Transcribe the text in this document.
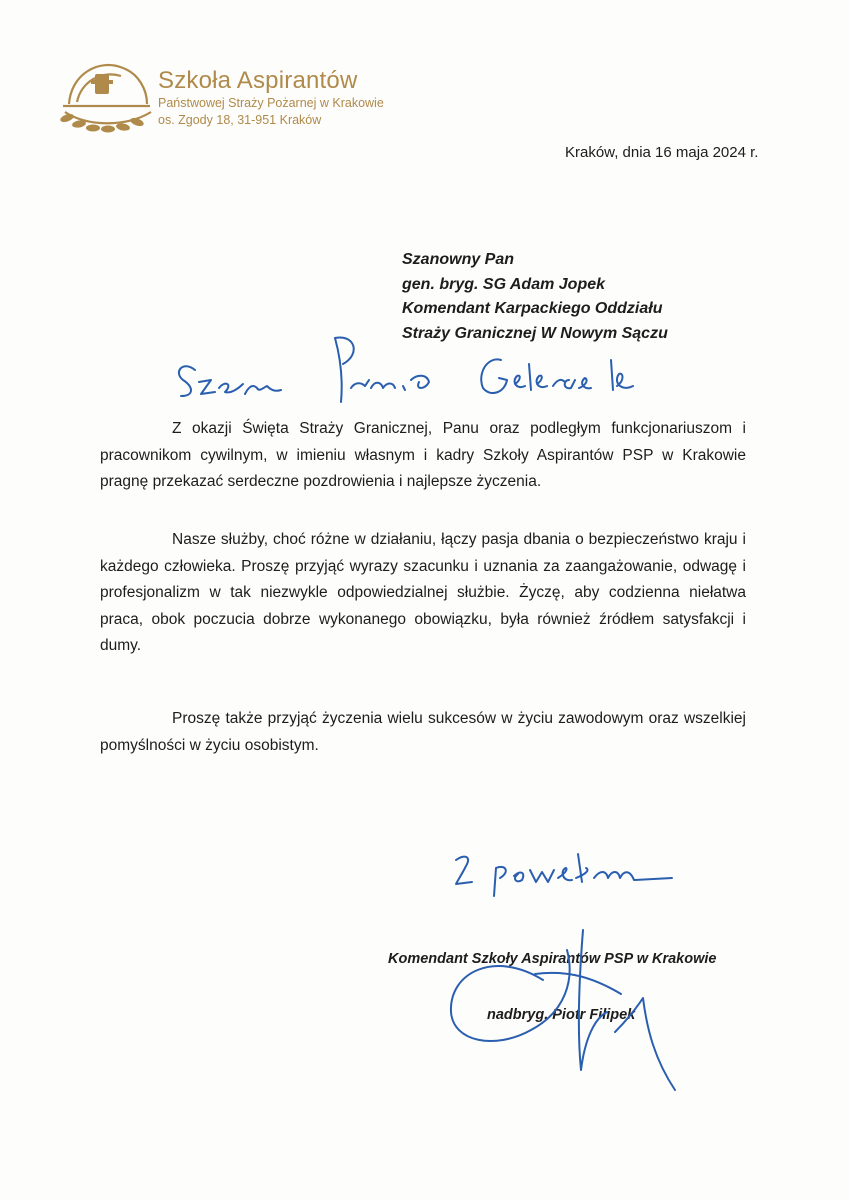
Szkoła Aspirantów
Państwowej Straży Pożarnej w Krakowie
os. Zgody 18, 31-951 Kraków
Kraków, dnia 16 maja 2024 r.
Szanowny Pan
gen. bryg. SG Adam Jopek
Komendant Karpackiego Oddziału
Straży Granicznej W Nowym Sączu

Z okazji Święta Straży Granicznej, Panu oraz podległym funkcjonariuszom i pracownikom cywilnym, w imieniu własnym i kadry Szkoły Aspirantów PSP w Krakowie pragnę przekazać serdeczne pozdrowienia i najlepsze życzenia.

Nasze służby, choć różne w działaniu, łączy pasja dbania o bezpieczeństwo kraju i każdego człowieka. Proszę przyjąć wyrazy szacunku i uznania za zaangażowanie, odwagę i profesjonalizm w tak niezwykle odpowiedzialnej służbie. Życzę, aby codzienna niełatwa praca, obok poczucia dobrze wykonanego obowiązku, była również źródłem satysfakcji i dumy.

Proszę także przyjąć życzenia wielu sukcesów w życiu zawodowym oraz wszelkiej pomyślności w życiu osobistym.

Komendant Szkoły Aspirantów PSP w Krakowie
nadbryg. Piotr Filipek
